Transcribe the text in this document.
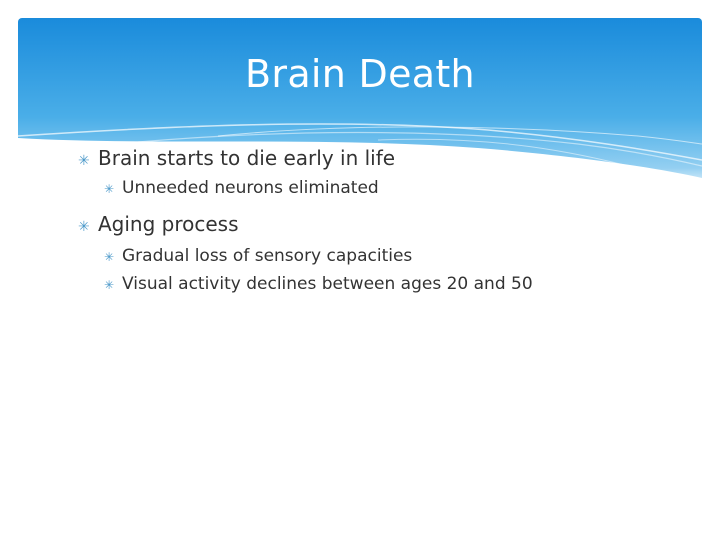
Brain Death
✳ Brain starts to die early in life
✳ Unneeded neurons eliminated
✳ Aging process
✳ Gradual loss of sensory capacities
✳ Visual activity declines between ages 20 and 50
